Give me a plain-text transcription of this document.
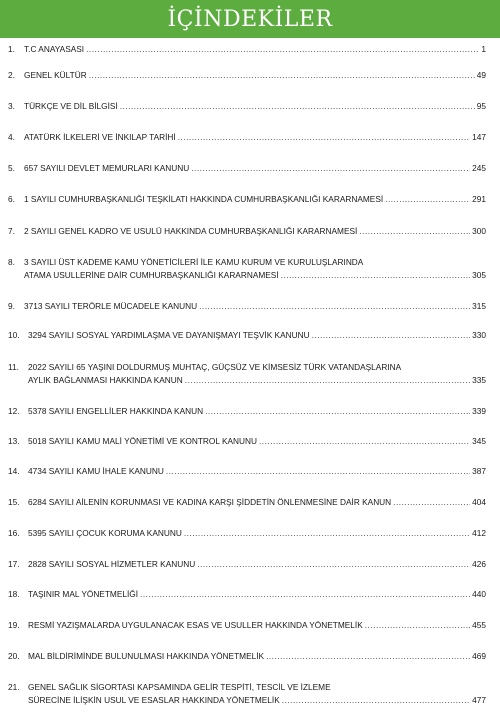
İÇİNDEKİLER
1.	T.C ANAYASASI .....	1
2.	GENEL KÜLTÜR .....	49
3.	TÜRKÇE VE DİL BİLGİSİ .....	95
4.	ATATÜRK İLKELERİ VE İNKILAP TARİHİ .....	147
5.	657 SAYILI DEVLET MEMURLARI KANUNU .....	245
6.	1 SAYILI CUMHURBAŞKANLIĞI TEŞKİLATI HAKKINDA CUMHURBAŞKANLIĞI KARARNAMESİ .....	291
7.	2 SAYILI GENEL KADRO VE USULÜ HAKKINDA CUMHURBAŞKANLIĞI KARARNAMESİ .....	300
8.	3 SAYILI ÜST KADEME KAMU YÖNETİCİLERİ İLE KAMU KURUM VE KURULUŞLARINDA
ATAMA USULLERİNE DAİR CUMHURBAŞKANLIĞI KARARNAMESİ .....	305
9.	3713 SAYILI TERÖRLE MÜCADELE KANUNU .....	315
10.	3294 SAYILI SOSYAL YARDIMLAŞMA VE DAYANIŞMAYI TEŞVİK KANUNU .....	330
11.	2022 SAYILI 65 YAŞINI DOLDURMUŞ MUHTAÇ, GÜÇSÜZ VE KİMSESİZ TÜRK VATANDAŞLARINA
AYLIK BAĞLANMASI HAKKINDA KANUN .....	335
12.	5378 SAYILI ENGELLİLER HAKKINDA KANUN .....	339
13.	5018 SAYILI KAMU MALİ YÖNETİMİ VE KONTROL KANUNU .....	345
14.	4734 SAYILI KAMU İHALE KANUNU .....	387
15.	6284 SAYILI AİLENİN KORUNMASI VE KADINA KARŞI ŞİDDETİN ÖNLENMESİNE DAİR KANUN .....	404
16.	5395 SAYILI ÇOCUK KORUMA KANUNU .....	412
17.	2828 SAYILI SOSYAL HİZMETLER KANUNU .....	426
18.	TAŞINIR MAL YÖNETMELİĞİ .....	440
19.	RESMİ YAZIŞMALARDA UYGULANACAK ESAS VE USULLER HAKKINDA YÖNETMELİK .....	455
20.	MAL BİLDİRİMİNDE BULUNULMASI HAKKINDA YÖNETMELİK .....	469
21.	GENEL SAĞLIK SİGORTASI KAPSAMINDA GELİR TESPİTİ, TESCİL VE İZLEME
SÜRECİNE İLİŞKİN USUL VE ESASLAR HAKKINDA YÖNETMELİK .....	477
